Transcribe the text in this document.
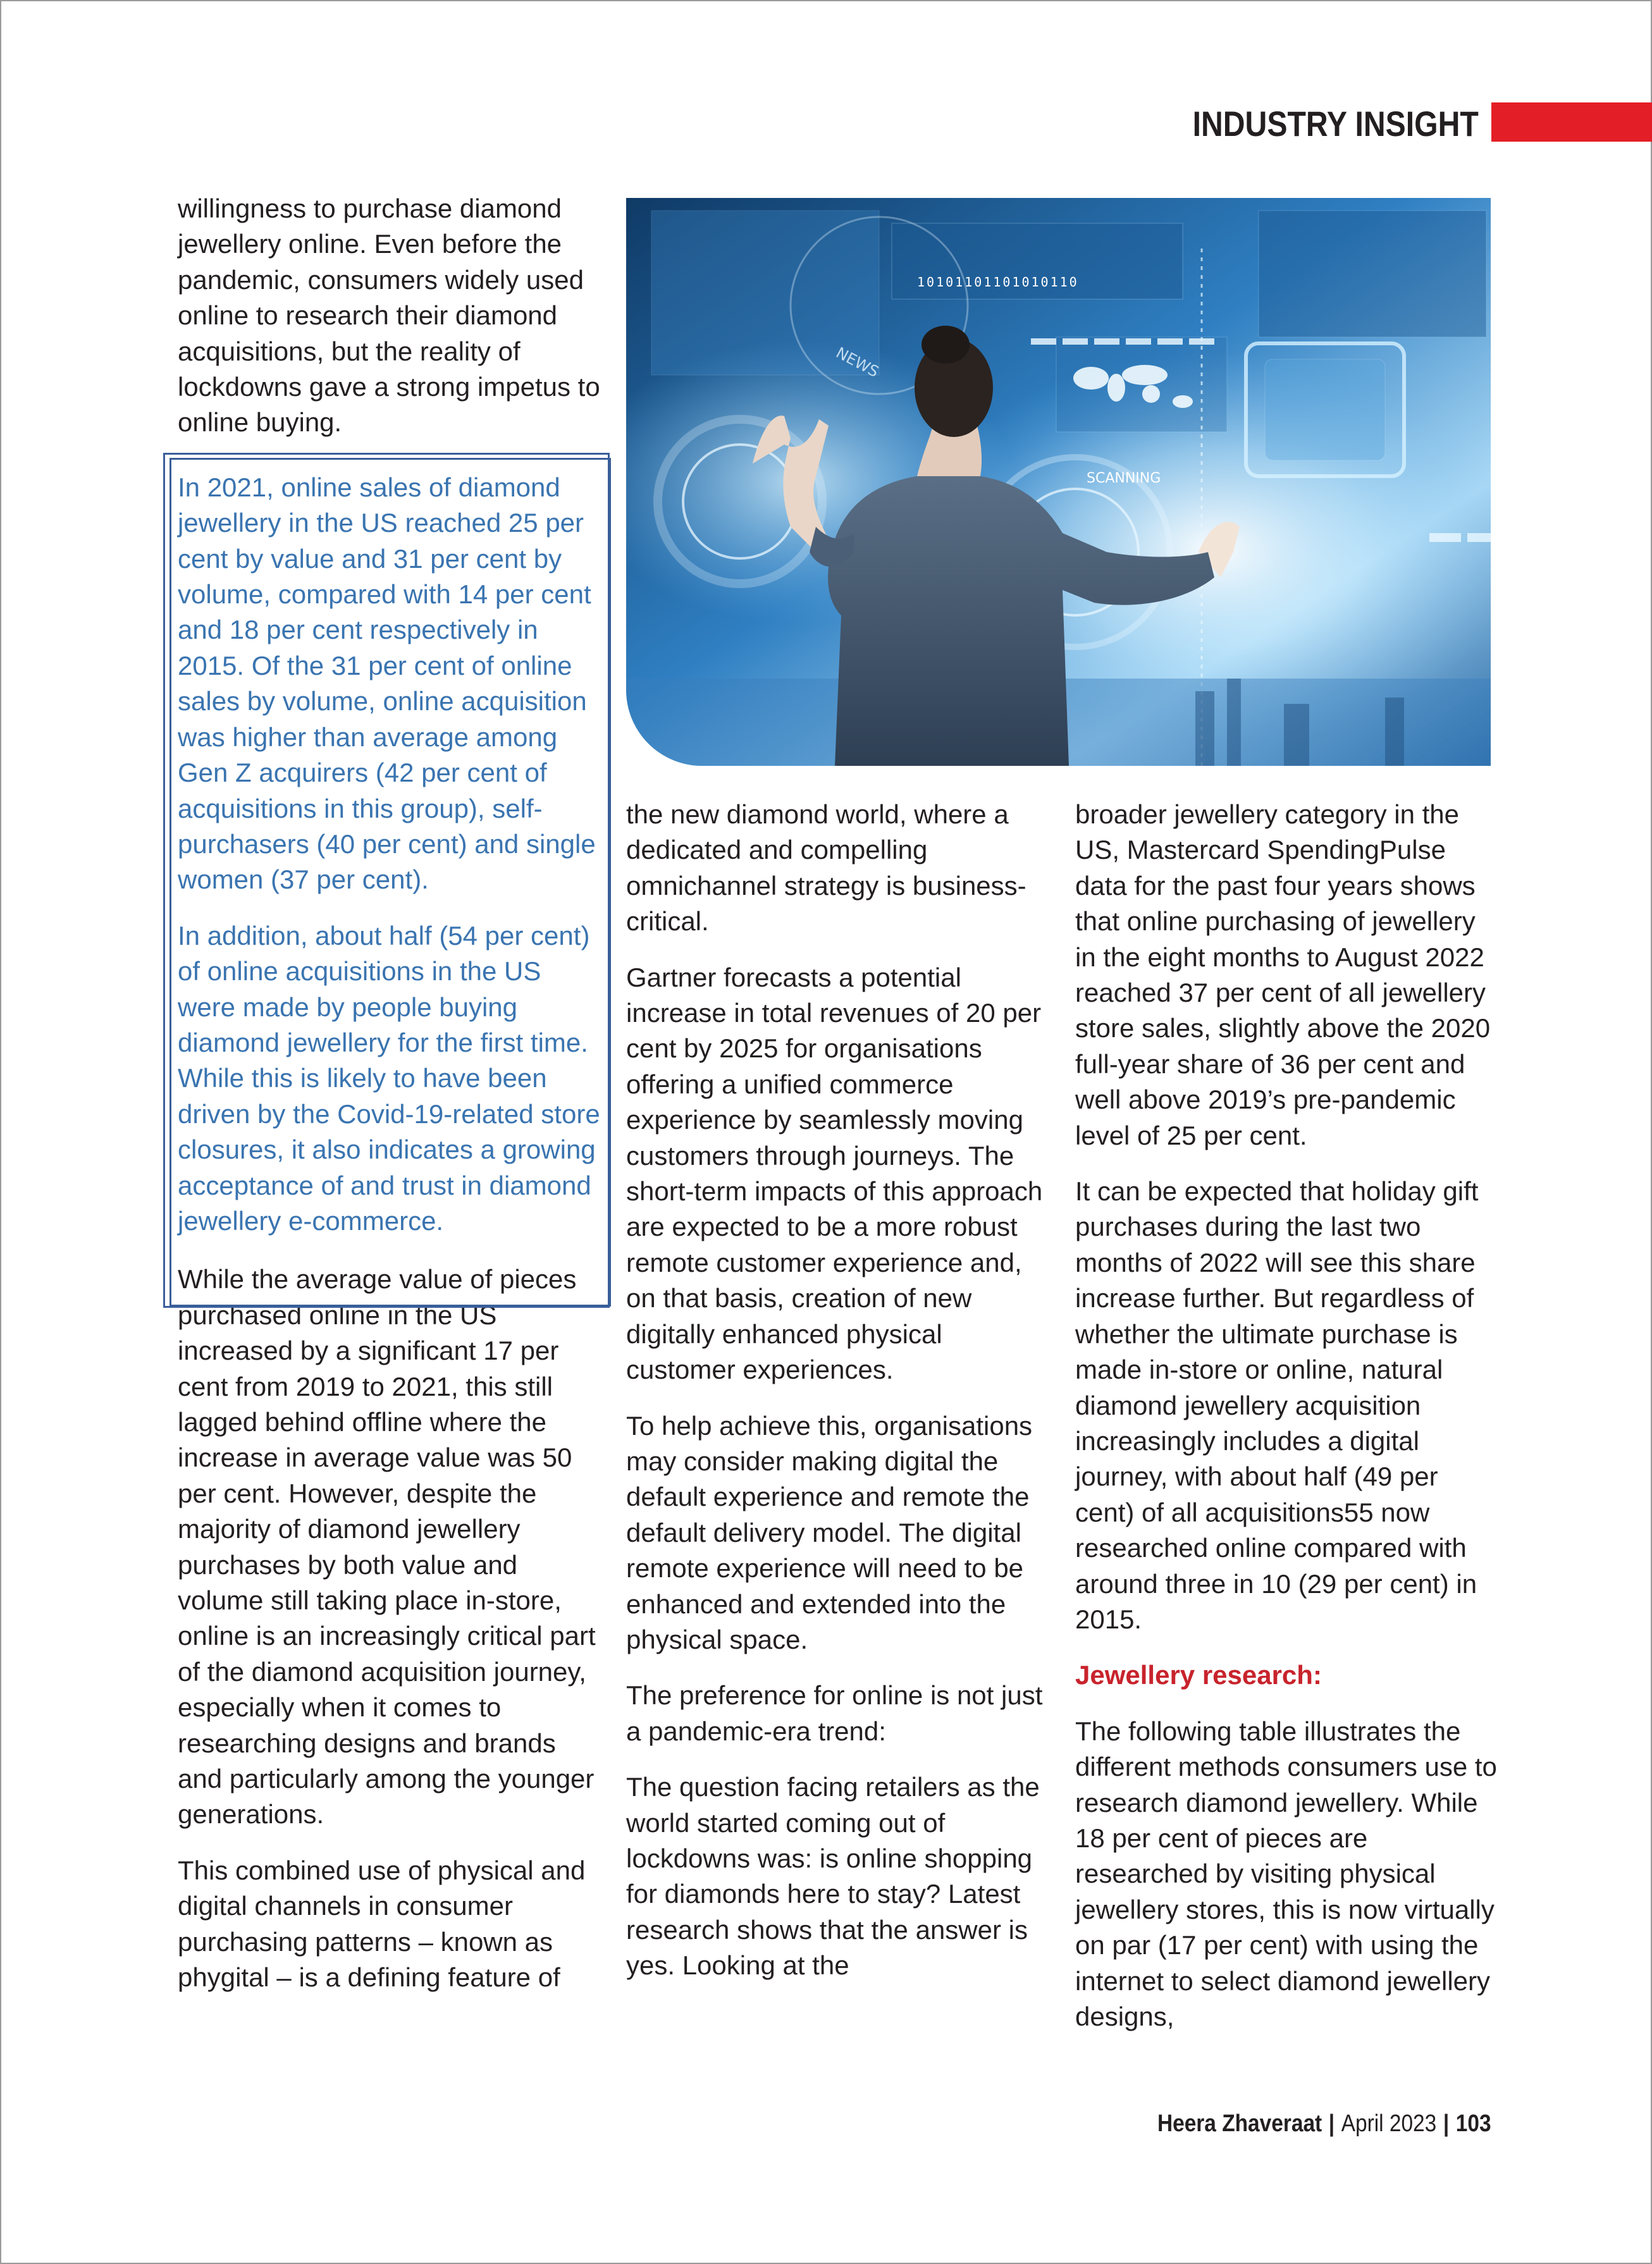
INDUSTRY INSIGHT

willingness to purchase diamond jewellery online. Even before the pandemic, consumers widely used online to research their diamond acquisitions, but the reality of lockdowns gave a strong impetus to online buying.

In 2021, online sales of diamond jewellery in the US reached 25 per cent by value and 31 per cent by volume, compared with 14 per cent and 18 per cent respectively in 2015. Of the 31 per cent of online sales by volume, online acquisition was higher than average among Gen Z acquirers (42 per cent of acquisitions in this group), self-purchasers (40 per cent) and single women (37 per cent).

In addition, about half (54 per cent) of online acquisitions in the US were made by people buying diamond jewellery for the first time. While this is likely to have been driven by the Covid-19-related store closures, it also indicates a growing acceptance of and trust in diamond jewellery e-commerce.

While the average value of pieces purchased online in the US increased by a significant 17 per cent from 2019 to 2021, this still lagged behind offline where the increase in average value was 50 per cent. However, despite the majority of diamond jewellery purchases by both value and volume still taking place in-store, online is an increasingly critical part of the diamond acquisition journey, especially when it comes to researching designs and brands and particularly among the younger generations.

This combined use of physical and digital channels in consumer purchasing patterns – known as phygital – is a defining feature of

10101101101010110
SCANNING
NEWS

the new diamond world, where a dedicated and compelling omnichannel strategy is business-critical.

Gartner forecasts a potential increase in total revenues of 20 per cent by 2025 for organisations offering a unified commerce experience by seamlessly moving customers through journeys. The short-term impacts of this approach are expected to be a more robust remote customer experience and, on that basis, creation of new digitally enhanced physical customer experiences.

To help achieve this, organisations may consider making digital the default experience and remote the default delivery model. The digital remote experience will need to be enhanced and extended into the physical space.

The preference for online is not just a pandemic-era trend:

The question facing retailers as the world started coming out of lockdowns was: is online shopping for diamonds here to stay? Latest research shows that the answer is yes. Looking at the

broader jewellery category in the US, Mastercard SpendingPulse data for the past four years shows that online purchasing of jewellery in the eight months to August 2022 reached 37 per cent of all jewellery store sales, slightly above the 2020 full-year share of 36 per cent and well above 2019’s pre-pandemic level of 25 per cent.

It can be expected that holiday gift purchases during the last two months of 2022 will see this share increase further. But regardless of whether the ultimate purchase is made in-store or online, natural diamond jewellery acquisition increasingly includes a digital journey, with about half (49 per cent) of all acquisitions55 now researched online compared with around three in 10 (29 per cent) in 2015.

Jewellery research:

The following table illustrates the different methods consumers use to research diamond jewellery. While 18 per cent of pieces are researched by visiting physical jewellery stores, this is now virtually on par (17 per cent) with using the internet to select diamond jewellery designs,

Heera Zhaveraat | April 2023 | 103
